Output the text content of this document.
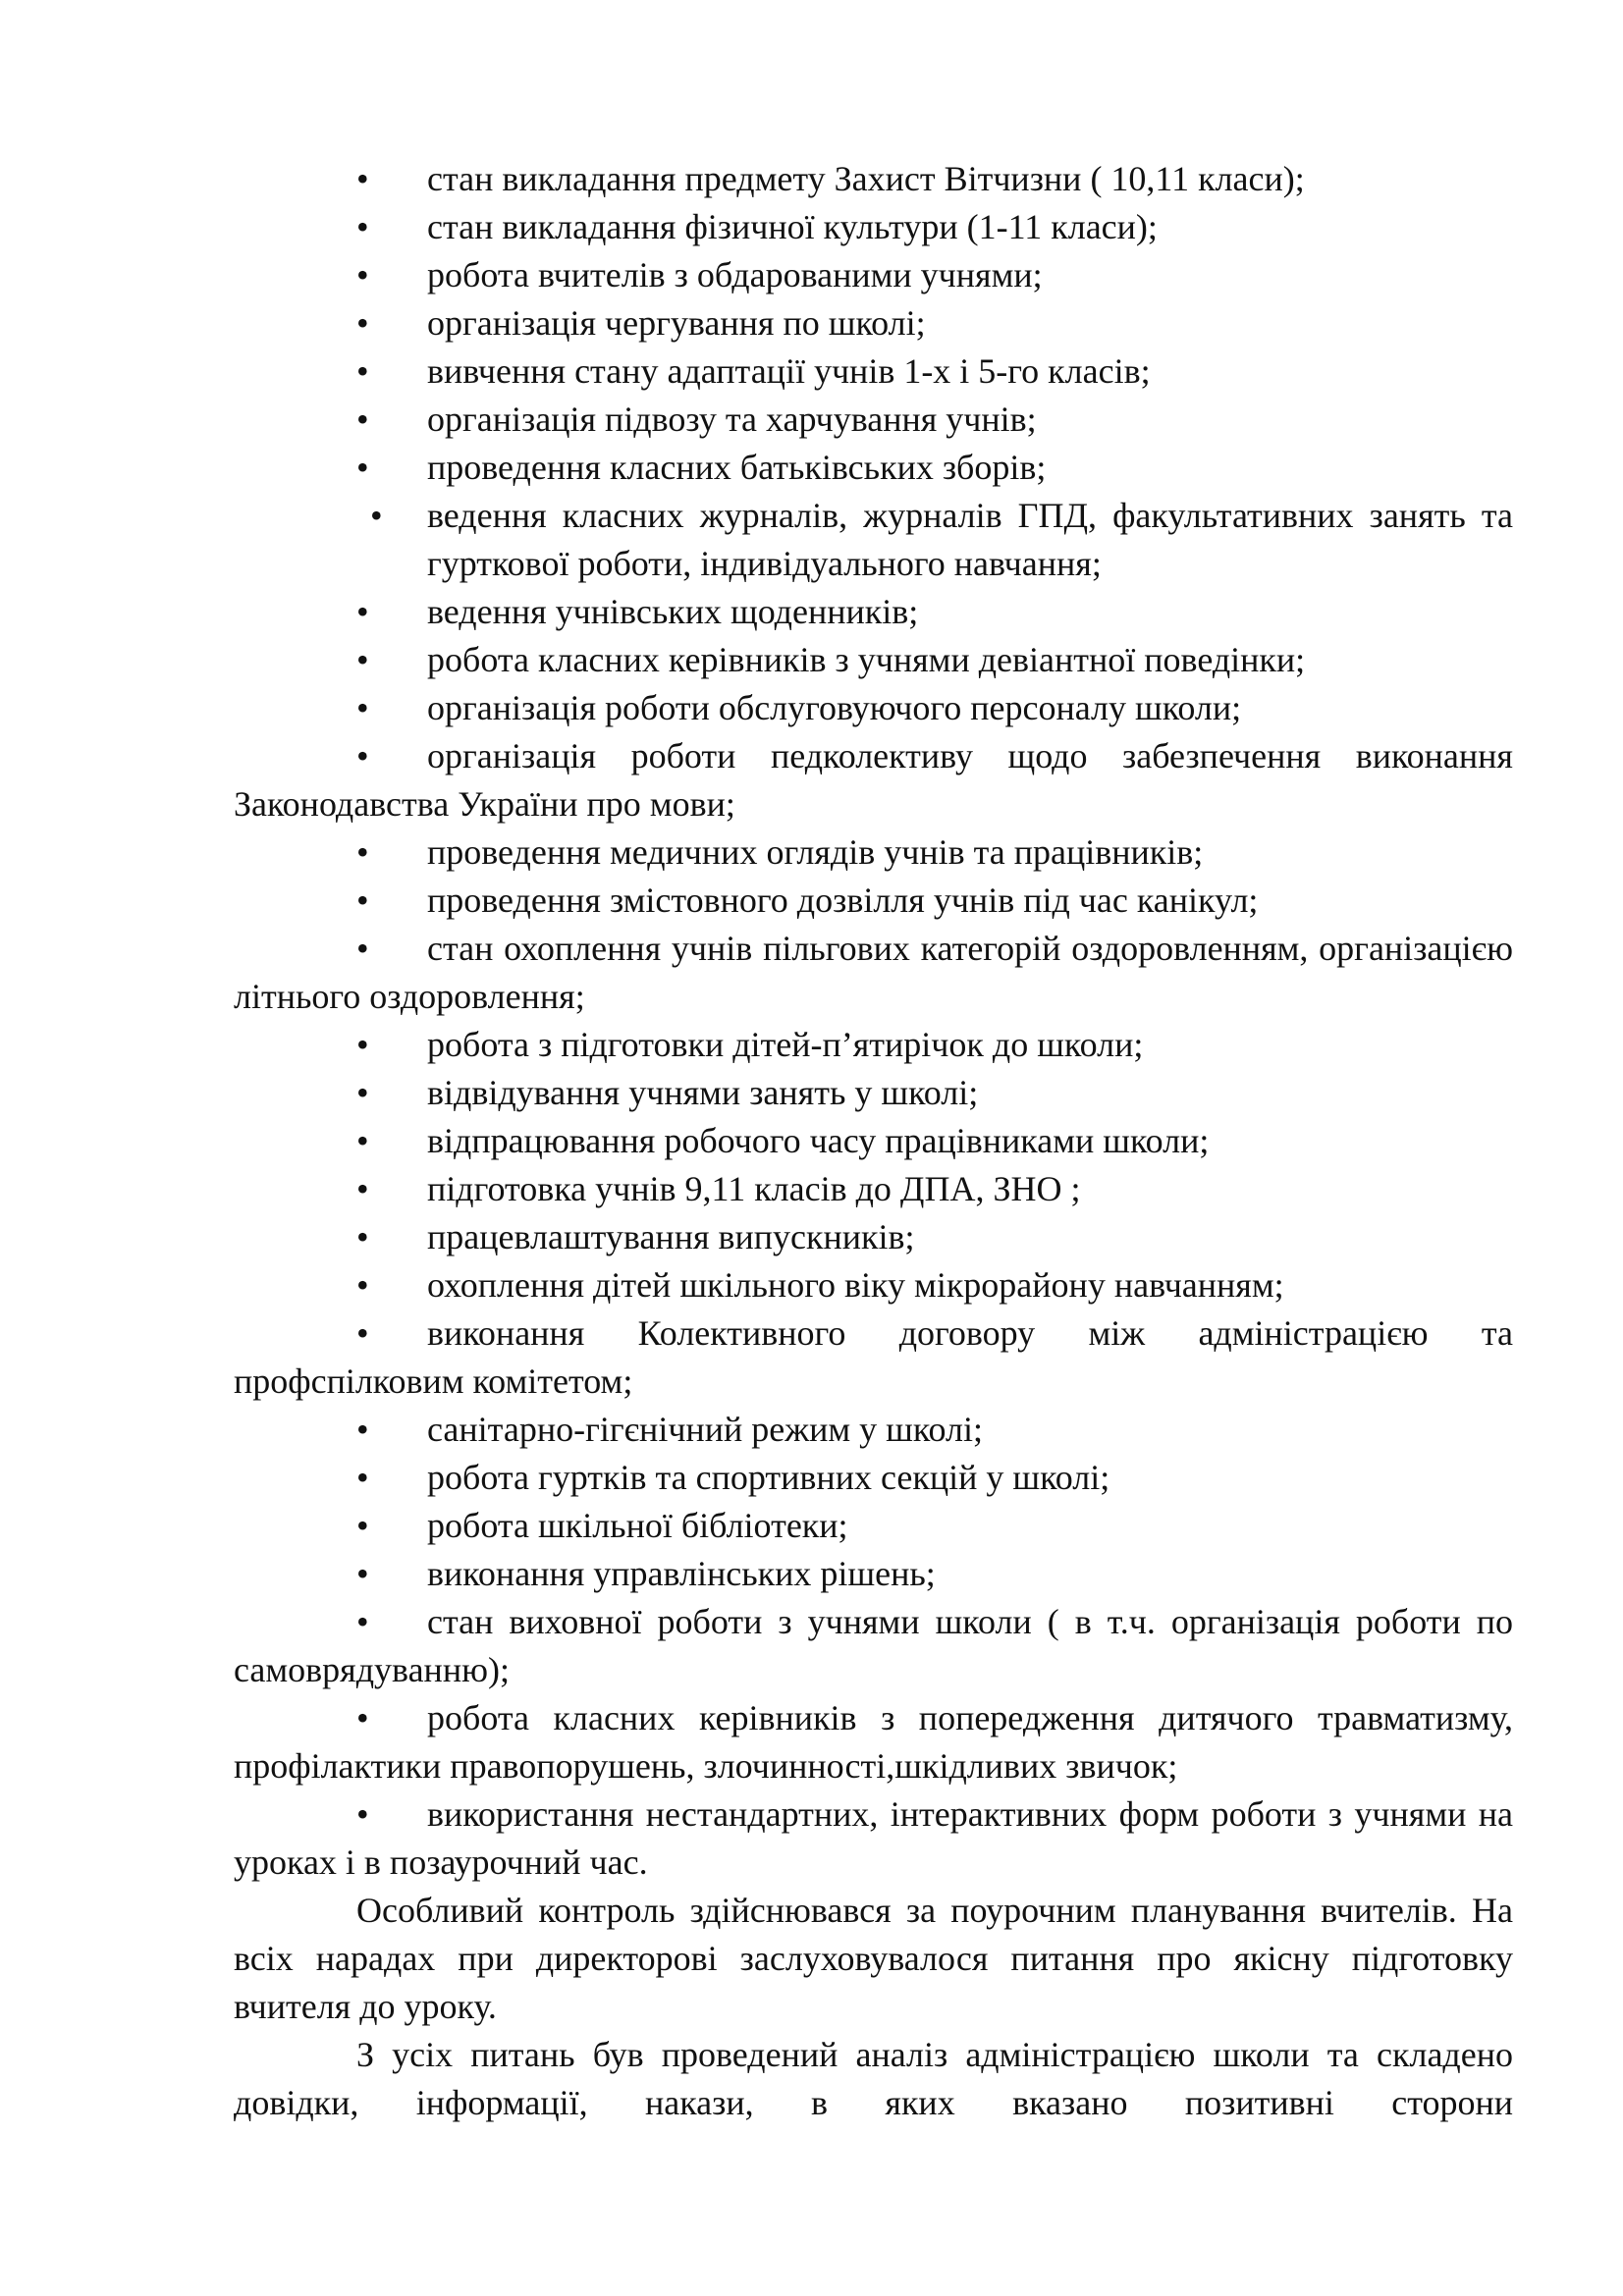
• стан викладання предмету Захист Вітчизни ( 10,11 класи);
• стан викладання фізичної культури (1-11 класи);
• робота вчителів з обдарованими учнями;
• організація чергування по школі;
• вивчення стану адаптації учнів 1-х і 5-го класів;
• організація підвозу та харчування учнів;
• проведення класних батьківських зборів;
• ведення класних журналів, журналів ГПД, факультативних занять та гурткової роботи, індивідуального навчання;
• ведення учнівських щоденників;
• робота класних керівників з учнями девіантної поведінки;
• організація роботи обслуговуючого персоналу школи;
• організація роботи педколективу щодо забезпечення виконання Законодавства України про мови;
• проведення медичних оглядів учнів та працівників;
• проведення змістовного дозвілля учнів під час канікул;
• стан охоплення учнів пільгових категорій оздоровленням, організацією літнього оздоровлення;
• робота з підготовки дітей-п’ятирічок до школи;
• відвідування учнями занять у школі;
• відпрацювання робочого часу працівниками школи;
• підготовка учнів 9,11 класів до ДПА, ЗНО ;
• працевлаштування випускників;
• охоплення дітей шкільного віку мікрорайону навчанням;
• виконання Колективного договору між адміністрацією та профспілковим комітетом;
• санітарно-гігєнічний режим у школі;
• робота гуртків та спортивних секцій у школі;
• робота шкільної бібліотеки;
• виконання управлінських рішень;
• стан виховної роботи з учнями школи ( в т.ч. організація роботи по самоврядуванню);
• робота класних керівників з попередження дитячого травматизму, профілактики правопорушень, злочинності,шкідливих звичок;
• використання нестандартних, інтерактивних форм роботи з учнями на уроках і в позаурочний час.
Особливий контроль здійснювався за поурочним планування вчителів. На всіх нарадах при директорові заслуховувалося питання про якісну підготовку вчителя до уроку.
З усіх питань був проведений аналіз адміністрацією школи та складено довідки, інформації, накази, в яких вказано позитивні сторони
